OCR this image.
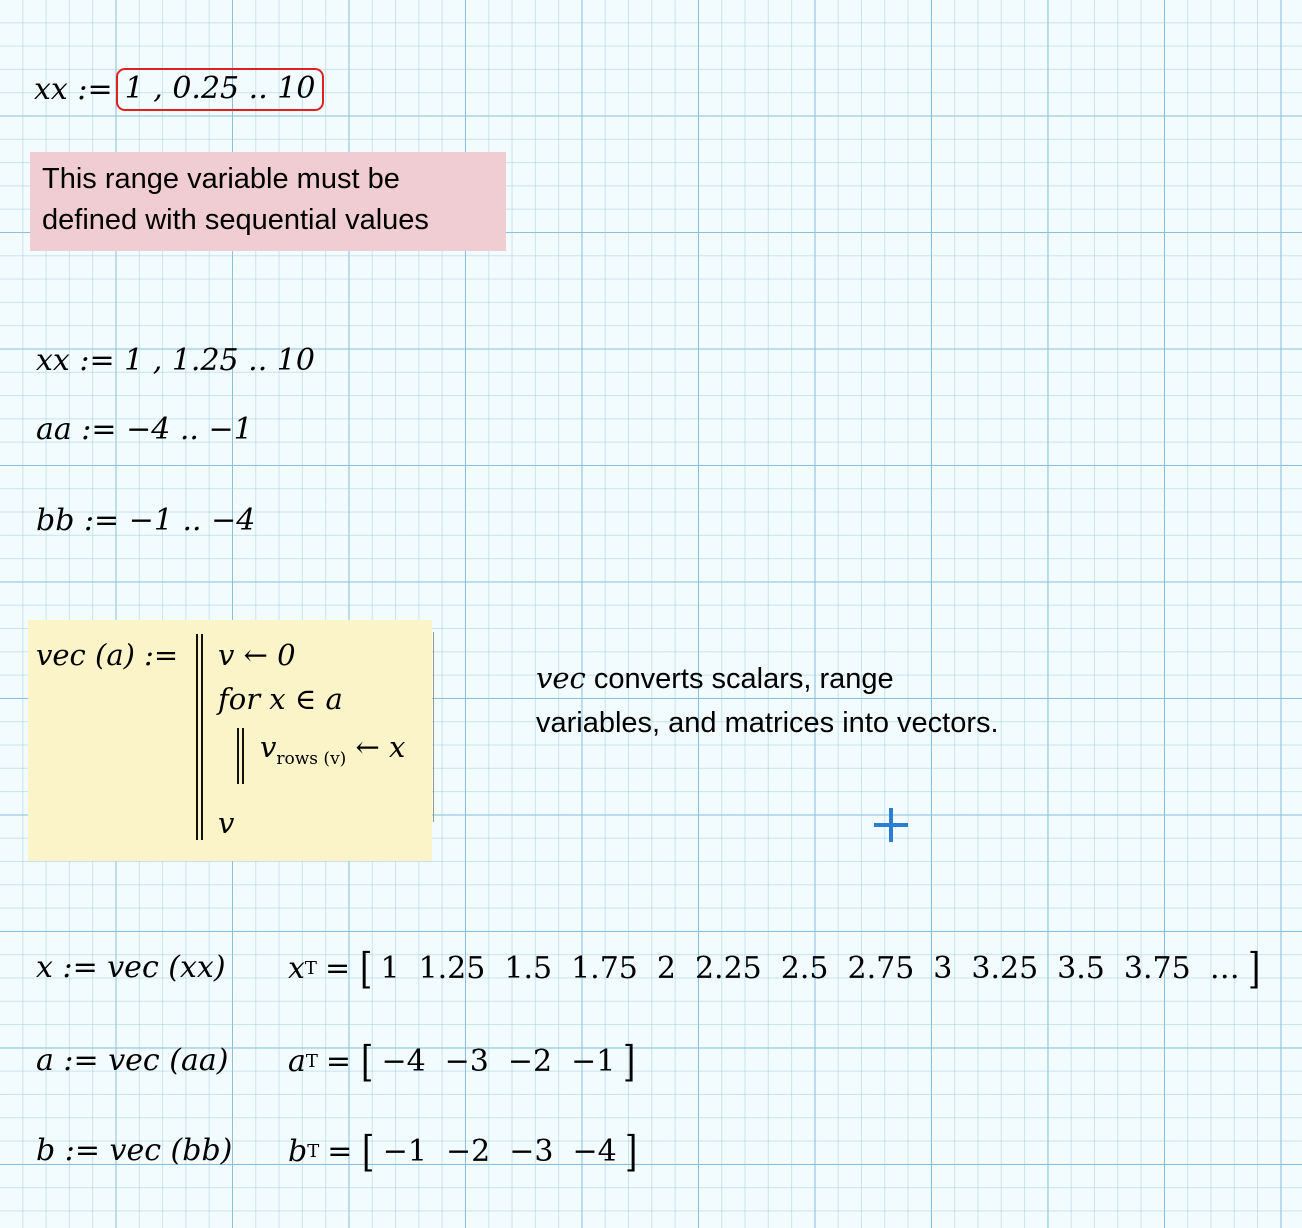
xx := 1 , 0.25 .. 10
This range variable must be defined with sequential values
xx := 1 , 1.25 .. 10
aa := −4 .. −1
bb := −1 .. −4
vec (a) := v ← 0
for x ∈ a
$v_{rows (v)}$ ← x
v
vec converts scalars, range variables, and matrices into vectors.
x := vec (xx) x T = [ 1 1.25 1.5 1.75 2 2.25 2.5 2.75 3 3.25 3.5 3.75 … ]
a := vec (aa) a T = [ −4 −3 −2 −1 ]
b := vec (bb) b T = [ −1 −2 −3 −4 ]
